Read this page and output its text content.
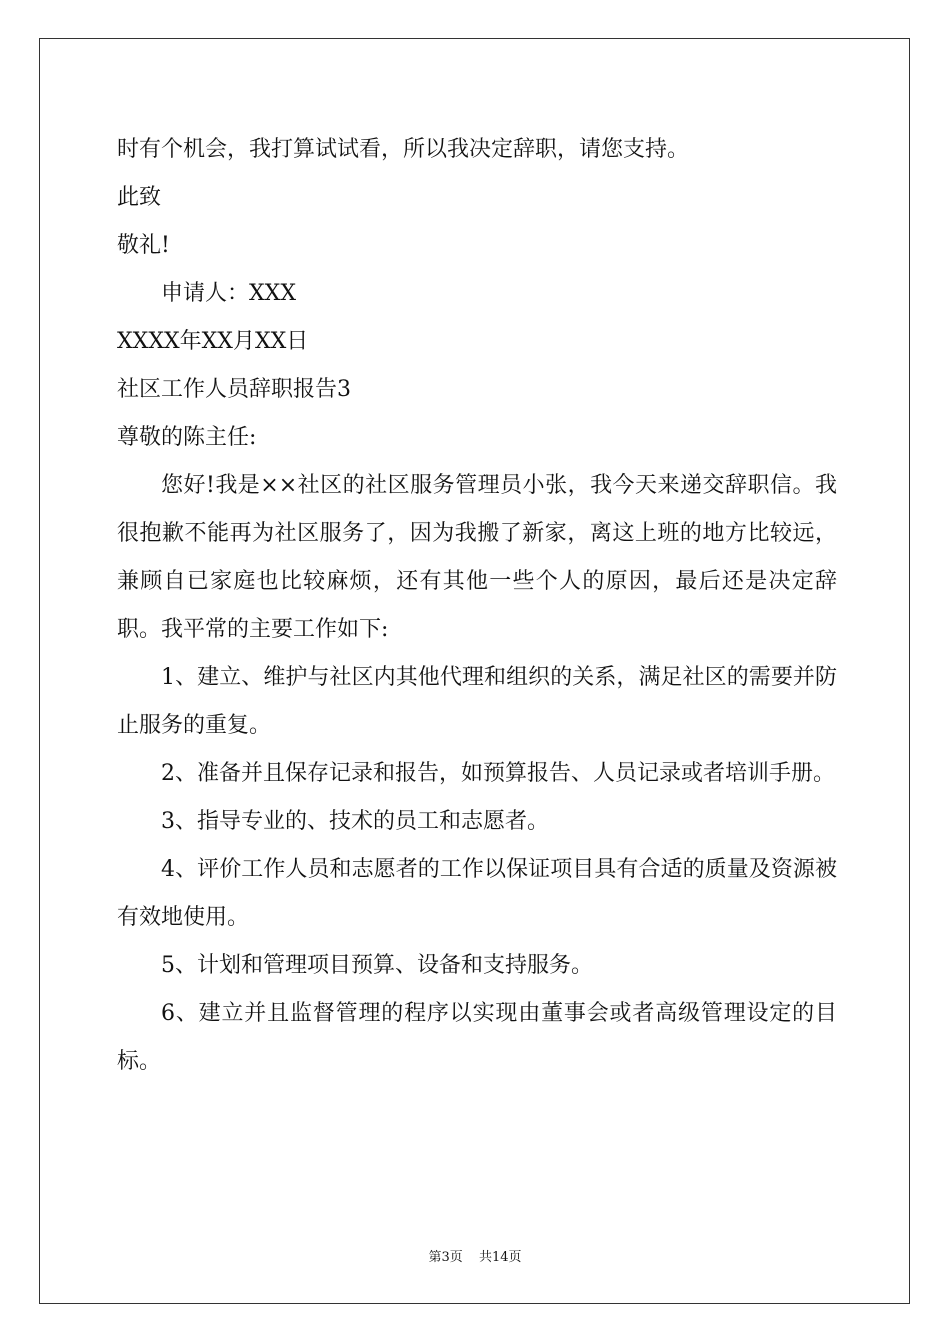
时有个机会，我打算试试看，所以我决定辞职，请您支持。
此致
敬礼!
申请人：XXX
XXXX年XX月XX日
社区工作人员辞职报告3
尊敬的陈主任:

您好!我是××社区的社区服务管理员小张，我今天来递交辞职信。我很抱歉不能再为社区服务了，因为我搬了新家，离这上班的地方比较远，兼顾自已家庭也比较麻烦，还有其他一些个人的原因，最后还是决定辞职。我平常的主要工作如下:

1、建立、维护与社区内其他代理和组织的关系，满足社区的需要并防止服务的重复。

2、准备并且保存记录和报告，如预算报告、人员记录或者培训手册。

3、指导专业的、技术的员工和志愿者。

4、评价工作人员和志愿者的工作以保证项目具有合适的质量及资源被有效地使用。

5、计划和管理项目预算、设备和支持服务。

6、建立并且监督管理的程序以实现由董事会或者高级管理设定的目标。

第3页 共14页
